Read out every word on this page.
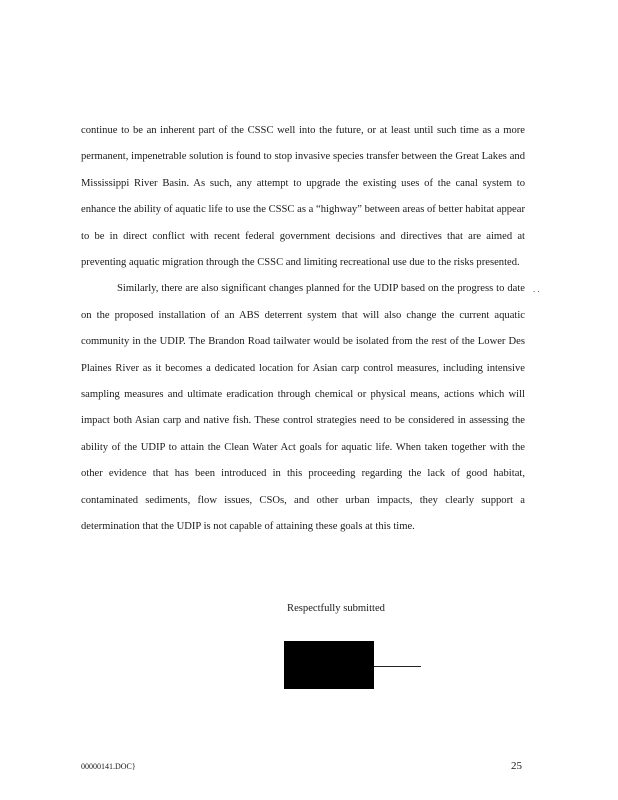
continue to be an inherent part of the CSSC well into the future, or at least until such time as a more permanent, impenetrable solution is found to stop invasive species transfer between the Great Lakes and Mississippi River Basin. As such, any attempt to upgrade the existing uses of the canal system to enhance the ability of aquatic life to use the CSSC as a “highway” between areas of better habitat appear to be in direct conflict with recent federal government decisions and directives that are aimed at preventing aquatic migration through the CSSC and limiting recreational use due to the risks presented.

Similarly, there are also significant changes planned for the UDIP based on the progress to date on the proposed installation of an ABS deterrent system that will also change the current aquatic community in the UDIP. The Brandon Road tailwater would be isolated from the rest of the Lower Des Plaines River as it becomes a dedicated location for Asian carp control measures, including intensive sampling measures and ultimate eradication through chemical or physical means, actions which will impact both Asian carp and native fish. These control strategies need to be considered in assessing the ability of the UDIP to attain the Clean Water Act goals for aquatic life. When taken together with the other evidence that has been introduced in this proceeding regarding the lack of good habitat, contaminated sediments, flow issues, CSOs, and other urban impacts, they clearly support a determination that the UDIP is not capable of attaining these goals at this time.

. .
Respectfully submitted
00000141.DOC}	25
